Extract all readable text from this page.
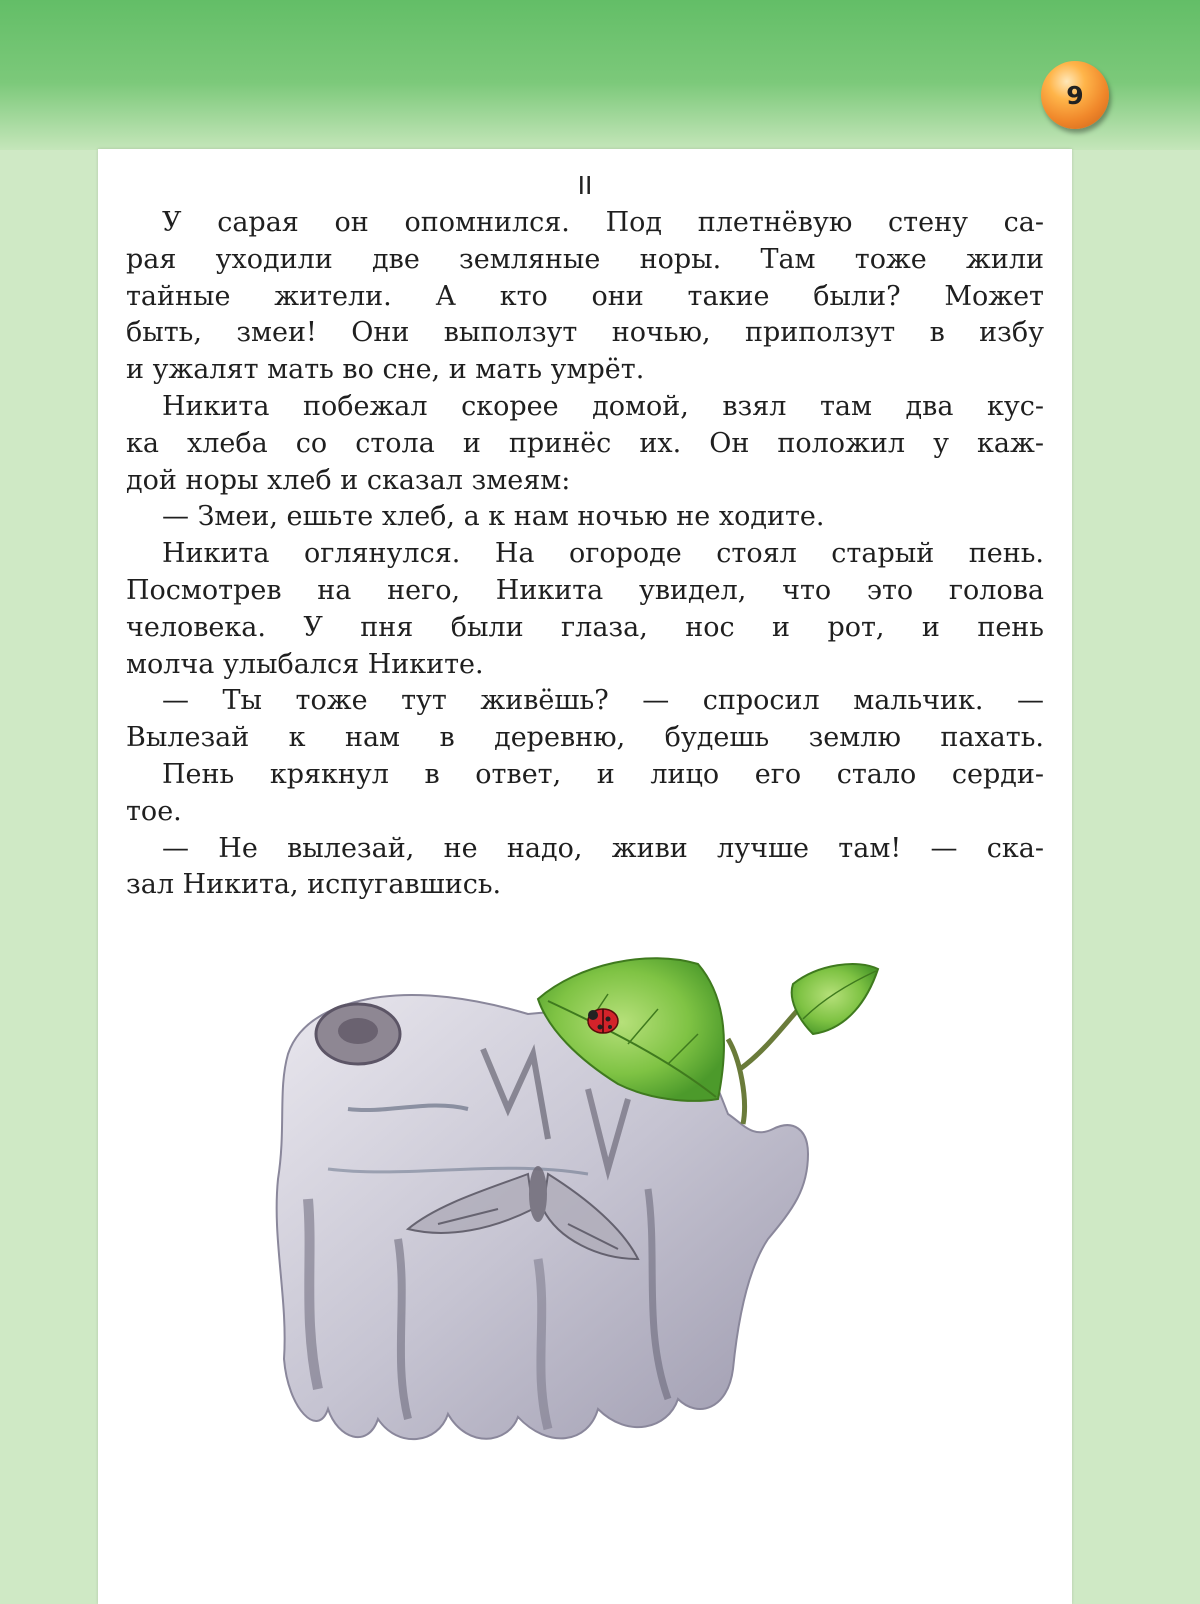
9
II
У сарая он опомнился. Под плетнёвую стену са-
рая уходили две земляные норы. Там тоже жили
тайные жители. А кто они такие были? Может
быть, змеи! Они выползут ночью, приползут в избу
и ужалят мать во сне, и мать умрёт.
Никита побежал скорее домой, взял там два кус-
ка хлеба со стола и принёс их. Он положил у каж-
дой норы хлеб и сказал змеям:
— Змеи, ешьте хлеб, а к нам ночью не ходите.
Никита оглянулся. На огороде стоял старый пень.
Посмотрев на него, Никита увидел, что это голова
человека. У пня были глаза, нос и рот, и пень
молча улыбался Никите.
— Ты тоже тут живёшь? — спросил мальчик. —
Вылезай к нам в деревню, будешь землю пахать.
Пень крякнул в ответ, и лицо его стало серди-
тое.
— Не вылезай, не надо, живи лучше там! — ска-
зал Никита, испугавшись.
